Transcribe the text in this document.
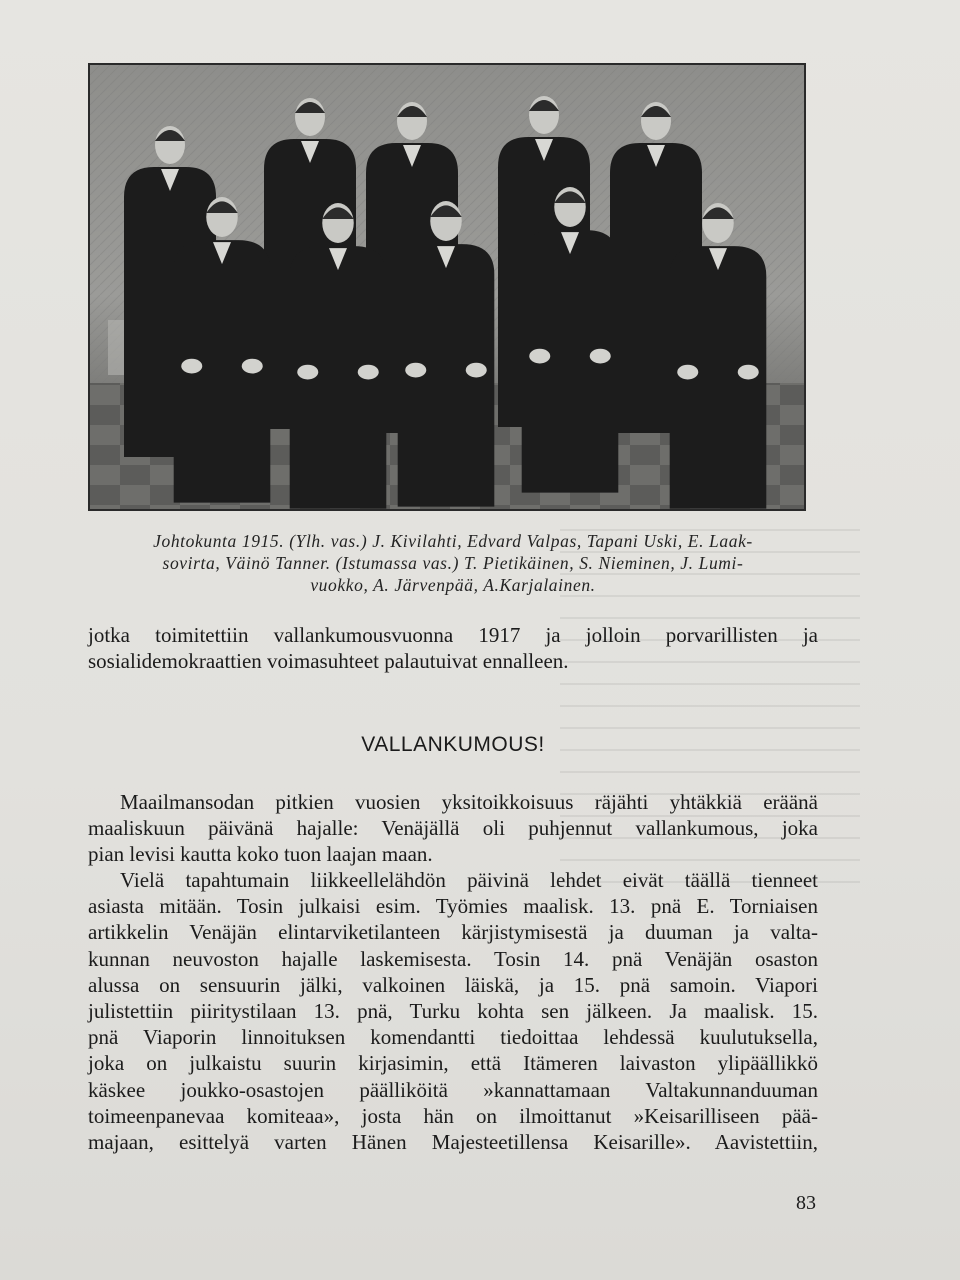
Johtokunta 1915. (Ylh. vas.) J. Kivilahti, Edvard Valpas, Tapani Uski, E. Laak-
sovirta, Väinö Tanner. (Istumassa vas.) T. Pietikäinen, S. Nieminen, J. Lumi-
vuokko, A. Järvenpää, A.Karjalainen.
jotka toimitettiin vallankumousvuonna 1917 ja jolloin porvarillisten ja
sosialidemokraattien voimasuhteet palautuivat ennalleen.
VALLANKUMOUS!
Maailmansodan pitkien vuosien yksitoikkoisuus räjähti yhtäkkiä eräänä
maaliskuun päivänä hajalle: Venäjällä oli puhjennut vallankumous, joka
pian levisi kautta koko tuon laajan maan.
Vielä tapahtumain liikkeellelähdön päivinä lehdet eivät täällä tienneet
asiasta mitään. Tosin julkaisi esim. Työmies maalisk. 13. pnä E. Torniaisen
artikkelin Venäjän elintarviketilanteen kärjistymisestä ja duuman ja valta-
kunnan neuvoston hajalle laskemisesta. Tosin 14. pnä Venäjän osaston
alussa on sensuurin jälki, valkoinen läiskä, ja 15. pnä samoin. Viapori
julistettiin piiritystilaan 13. pnä, Turku kohta sen jälkeen. Ja maalisk. 15.
pnä Viaporin linnoituksen komendantti tiedoittaa lehdessä kuulutuksella,
joka on julkaistu suurin kirjasimin, että Itämeren laivaston ylipäällikkö
käskee joukko-osastojen päälliköitä »kannattamaan Valtakunnanduuman
toimeenpanevaa komiteaa», josta hän on ilmoittanut »Keisarilliseen pää-
majaan, esittelyä varten Hänen Majesteetillensa Keisarille». Aavistettiin,
83
